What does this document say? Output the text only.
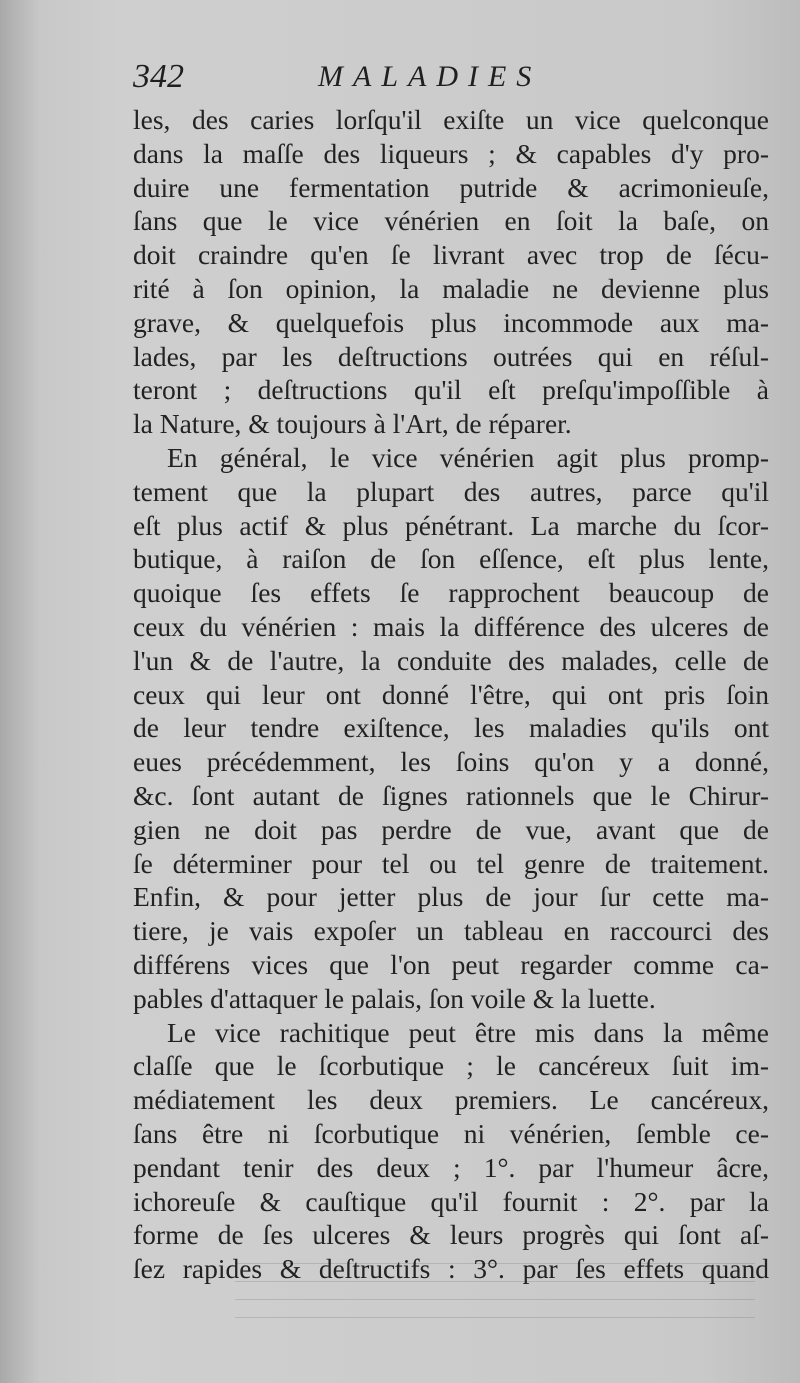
342	MALADIES
les, des caries lorſqu'il exiſte un vice quelconque
dans la maſſe des liqueurs ; & capables d'y pro-
duire une fermentation putride & acrimonieuſe,
ſans que le vice vénérien en ſoit la baſe, on
doit craindre qu'en ſe livrant avec trop de ſécu-
rité à ſon opinion, la maladie ne devienne plus
grave, & quelquefois plus incommode aux ma-
lades, par les deſtructions outrées qui en réſul-
teront ; deſtructions qu'il eſt preſqu'impoſſible à
la Nature, & toujours à l'Art, de réparer.
En général, le vice vénérien agit plus promp-
tement que la plupart des autres, parce qu'il
eſt plus actif & plus pénétrant. La marche du ſcor-
butique, à raiſon de ſon eſſence, eſt plus lente,
quoique ſes effets ſe rapprochent beaucoup de
ceux du vénérien : mais la différence des ulceres de
l'un & de l'autre, la conduite des malades, celle de
ceux qui leur ont donné l'être, qui ont pris ſoin
de leur tendre exiſtence, les maladies qu'ils ont
eues précédemment, les ſoins qu'on y a donné,
&c. ſont autant de ſignes rationnels que le Chirur-
gien ne doit pas perdre de vue, avant que de
ſe déterminer pour tel ou tel genre de traitement.
Enfin, & pour jetter plus de jour ſur cette ma-
tiere, je vais expoſer un tableau en raccourci des
différens vices que l'on peut regarder comme ca-
pables d'attaquer le palais, ſon voile & la luette.
Le vice rachitique peut être mis dans la même
claſſe que le ſcorbutique ; le cancéreux ſuit im-
médiatement les deux premiers. Le cancéreux,
ſans être ni ſcorbutique ni vénérien, ſemble ce-
pendant tenir des deux ; 1°. par l'humeur âcre,
ichoreuſe & cauſtique qu'il fournit : 2°. par la
forme de ſes ulceres & leurs progrès qui ſont aſ-
ſez rapides & deſtructifs : 3°. par ſes effets quand
